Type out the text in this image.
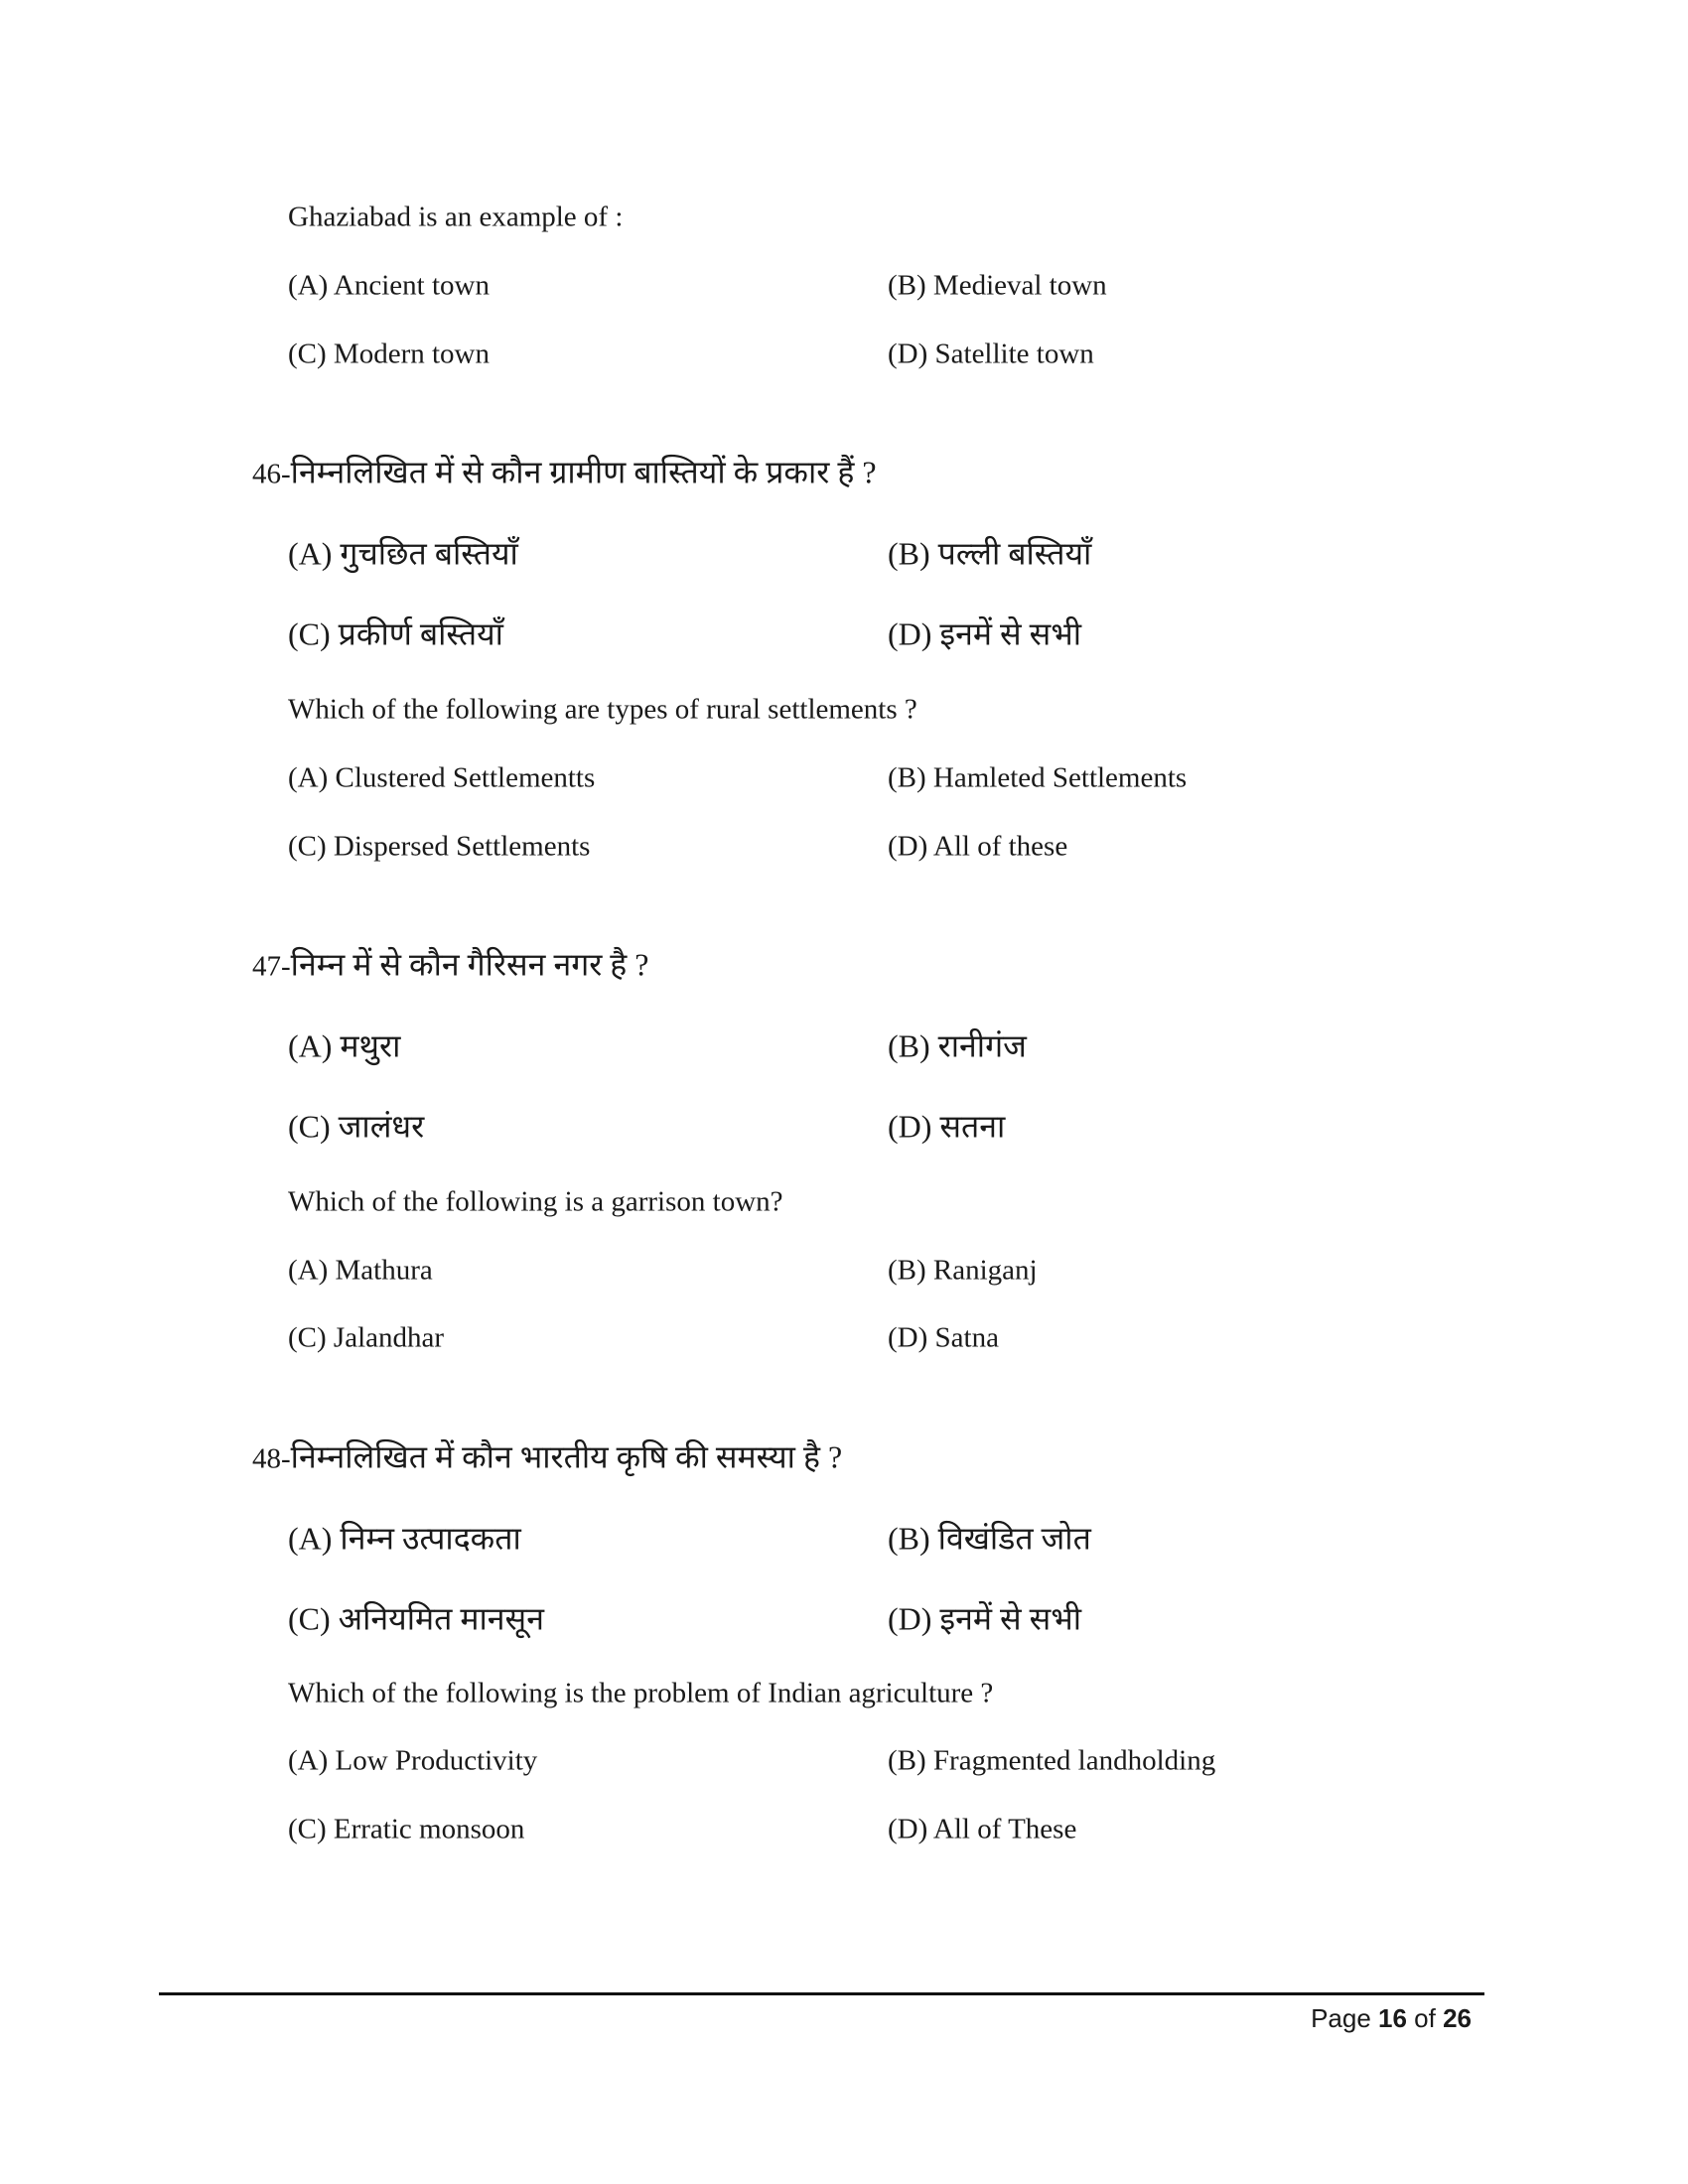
Ghaziabad is an example of :
(A) Ancient town	(B) Medieval town
(C) Modern town	(D) Satellite town
46-निम्नलिखित में से कौन ग्रामीण बास्तियों के प्रकार हैं ?
(A) गुचछित बस्तियाँ	(B) पल्ली बस्तियाँ
(C) प्रकीर्ण बस्तियाँ	(D) इनमें से सभी
Which of the following are types of rural settlements ?
(A) Clustered Settlementts	(B) Hamleted Settlements
(C) Dispersed Settlements	(D) All of these
47-निम्न में से कौन गैरिसन नगर है ?
(A) मथुरा	(B) रानीगंज
(C) जालंधर	(D) सतना
Which of the following is a garrison town?
(A) Mathura	(B) Raniganj
(C) Jalandhar	(D) Satna
48-निम्नलिखित में कौन भारतीय कृषि की समस्या है ?
(A) निम्न उत्पादकता	(B) विखंडित जोत
(C) अनियमित मानसून	(D) इनमें से सभी
Which of the following is the problem of Indian agriculture ?
(A) Low Productivity	(B) Fragmented landholding
(C) Erratic monsoon	(D) All of These
Page 16 of 26
